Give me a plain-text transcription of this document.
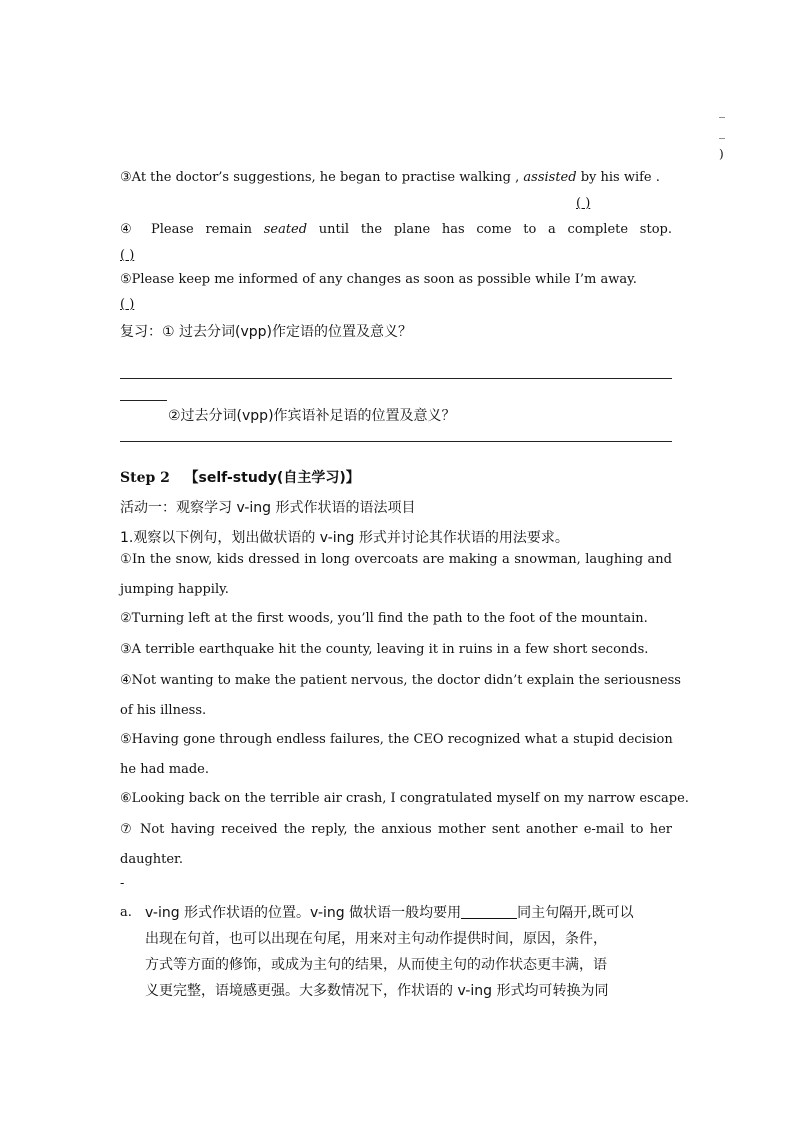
_
_
)
③At the doctor’s suggestions, he began to practise walking , assisted by his wife .
( )
④ Please remain seated until the plane has come to a complete stop.
( )
⑤Please keep me informed of any changes as soon as possible while I’m away.
( )
复习：① 过去分词(vpp)作定语的位置及意义？
②过去分词(vpp)作宾语补足语的位置及意义？
Step 2 【self-study(自主学习)】
活动一：观察学习 v-ing 形式作状语的语法项目
1.观察以下例句，划出做状语的 v-ing 形式并讨论其作状语的用法要求。
①In the snow, kids dressed in long overcoats are making a snowman, laughing and
jumping happily.
②Turning left at the first woods, you’ll find the path to the foot of the mountain.
③A terrible earthquake hit the county, leaving it in ruins in a few short seconds.
④Not wanting to make the patient nervous, the doctor didn’t explain the seriousness
of his illness.
⑤Having gone through endless failures, the CEO recognized what a stupid decision
he had made.
⑥Looking back on the terrible air crash, I congratulated myself on my narrow escape.
⑦ Not having received the reply, the anxious mother sent another e-mail to her
daughter.
-
a. v-ing 形式作状语的位置。v-ing 做状语一般均要用	同主句隔开,既可以
出现在句首，也可以出现在句尾，用来对主句动作提供时间，原因，条件，
方式等方面的修饰，或成为主句的结果，从而使主句的动作状态更丰满，语
义更完整，语境感更强。大多数情况下，作状语的 v-ing 形式均可转换为同
